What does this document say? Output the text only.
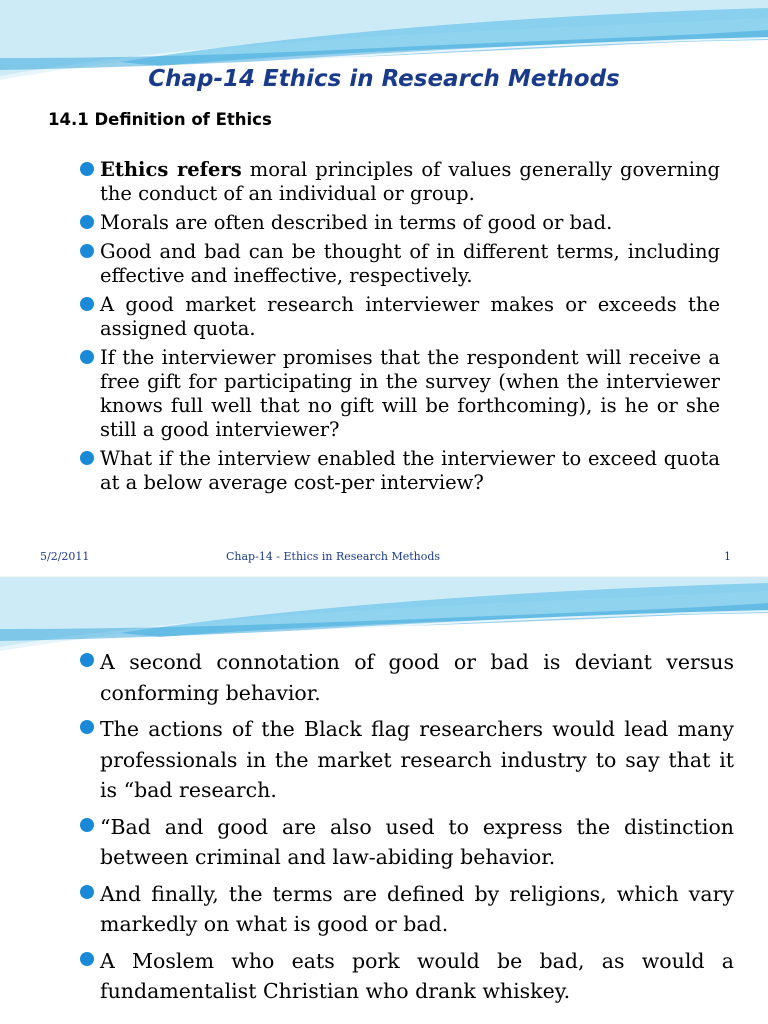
Chap-14 Ethics in Research Methods
14.1 Definition of Ethics
Ethics refers moral principles of values generally governing the conduct of an individual or group.
Morals are often described in terms of good or bad.
Good and bad can be thought of in different terms, including effective and ineffective, respectively.
A good market research interviewer makes or exceeds the assigned quota.
If the interviewer promises that the respondent will receive a free gift for participating in the survey (when the interviewer knows full well that no gift will be forthcoming), is he or she still a good interviewer?
What if the interview enabled the interviewer to exceed quota at a below average cost-per interview?
5/2/2011	Chap-14 - Ethics in Research Methods	1
A second connotation of good or bad is deviant versus conforming behavior.
The actions of the Black flag researchers would lead many professionals in the market research industry to say that it is “bad research.
“Bad and good are also used to express the distinction between criminal and law-abiding behavior.
And finally, the terms are defined by religions, which vary markedly on what is good or bad.
A Moslem who eats pork would be bad, as would a fundamentalist Christian who drank whiskey.
